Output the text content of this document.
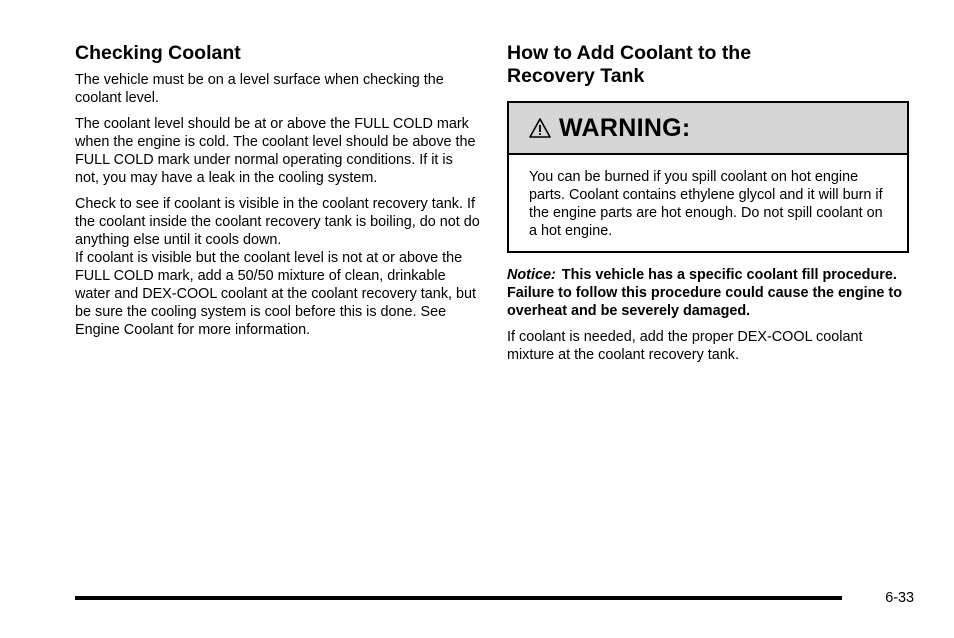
Checking Coolant

The vehicle must be on a level surface when checking the coolant level.

The coolant level should be at or above the FULL COLD mark when the engine is cold. The coolant level should be above the FULL COLD mark under normal operating conditions. If it is not, you may have a leak in the cooling system.

Check to see if coolant is visible in the coolant recovery tank. If the coolant inside the coolant recovery tank is boiling, do not do anything else until it cools down.

If coolant is visible but the coolant level is not at or above the FULL COLD mark, add a 50/50 mixture of clean, drinkable water and DEX-COOL coolant at the coolant recovery tank, but be sure the cooling system is cool before this is done. See Engine Coolant for more information.

How to Add Coolant to the
Recovery Tank
WARNING:

You can be burned if you spill coolant on hot engine parts. Coolant contains ethylene glycol and it will burn if the engine parts are hot enough. Do not spill coolant on a hot engine.

Notice: This vehicle has a specific coolant fill procedure. Failure to follow this procedure could cause the engine to overheat and be severely damaged.

If coolant is needed, add the proper DEX-COOL coolant mixture at the coolant recovery tank.

6-33
